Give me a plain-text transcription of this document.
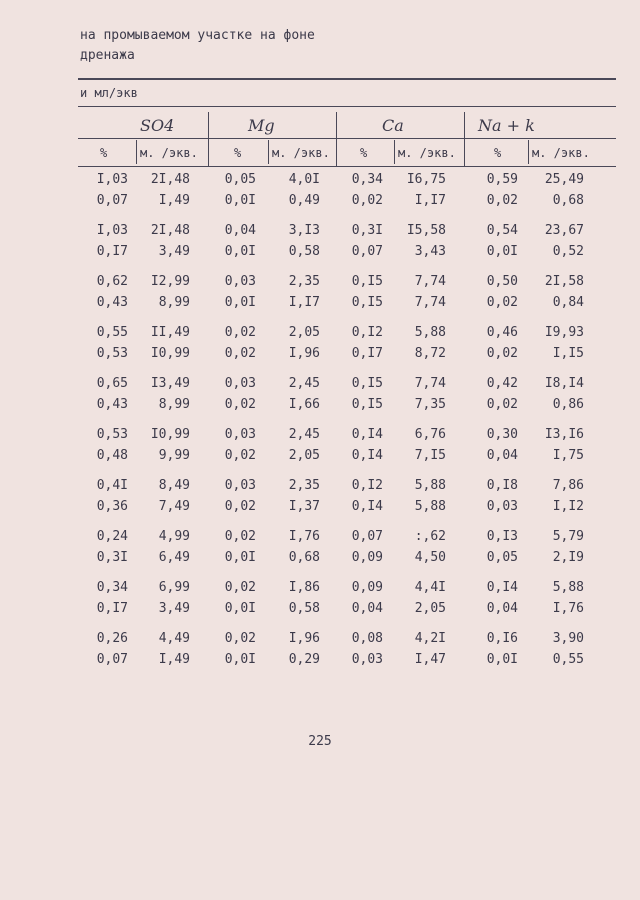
на промываемом участке на фоне
дренажа
и мл/экв
SO4	Mg	Ca	Na + k
%	м. /экв.	%	м. /экв.	%	м. /экв.	%	м. /экв.
I,03	2I,48	0,05	4,0I	0,34	I6,75	0,59	25,49
0,07	I,49	0,0I	0,49	0,02	I,I7	0,02	0,68
I,03	2I,48	0,04	3,I3	0,3I	I5,58	0,54	23,67
0,I7	3,49	0,0I	0,58	0,07	3,43	0,0I	0,52
0,62	I2,99	0,03	2,35	0,I5	7,74	0,50	2I,58
0,43	8,99	0,0I	I,I7	0,I5	7,74	0,02	0,84
0,55	II,49	0,02	2,05	0,I2	5,88	0,46	I9,93
0,53	I0,99	0,02	I,96	0,I7	8,72	0,02	I,I5
0,65	I3,49	0,03	2,45	0,I5	7,74	0,42	I8,I4
0,43	8,99	0,02	I,66	0,I5	7,35	0,02	0,86
0,53	I0,99	0,03	2,45	0,I4	6,76	0,30	I3,I6
0,48	9,99	0,02	2,05	0,I4	7,I5	0,04	I,75
0,4I	8,49	0,03	2,35	0,I2	5,88	0,I8	7,86
0,36	7,49	0,02	I,37	0,I4	5,88	0,03	I,I2
0,24	4,99	0,02	I,76	0,07	:,62	0,I3	5,79
0,3I	6,49	0,0I	0,68	0,09	4,50	0,05	2,I9
0,34	6,99	0,02	I,86	0,09	4,4I	0,I4	5,88
0,I7	3,49	0,0I	0,58	0,04	2,05	0,04	I,76
0,26	4,49	0,02	I,96	0,08	4,2I	0,I6	3,90
0,07	I,49	0,0I	0,29	0,03	I,47	0,0I	0,55
225
